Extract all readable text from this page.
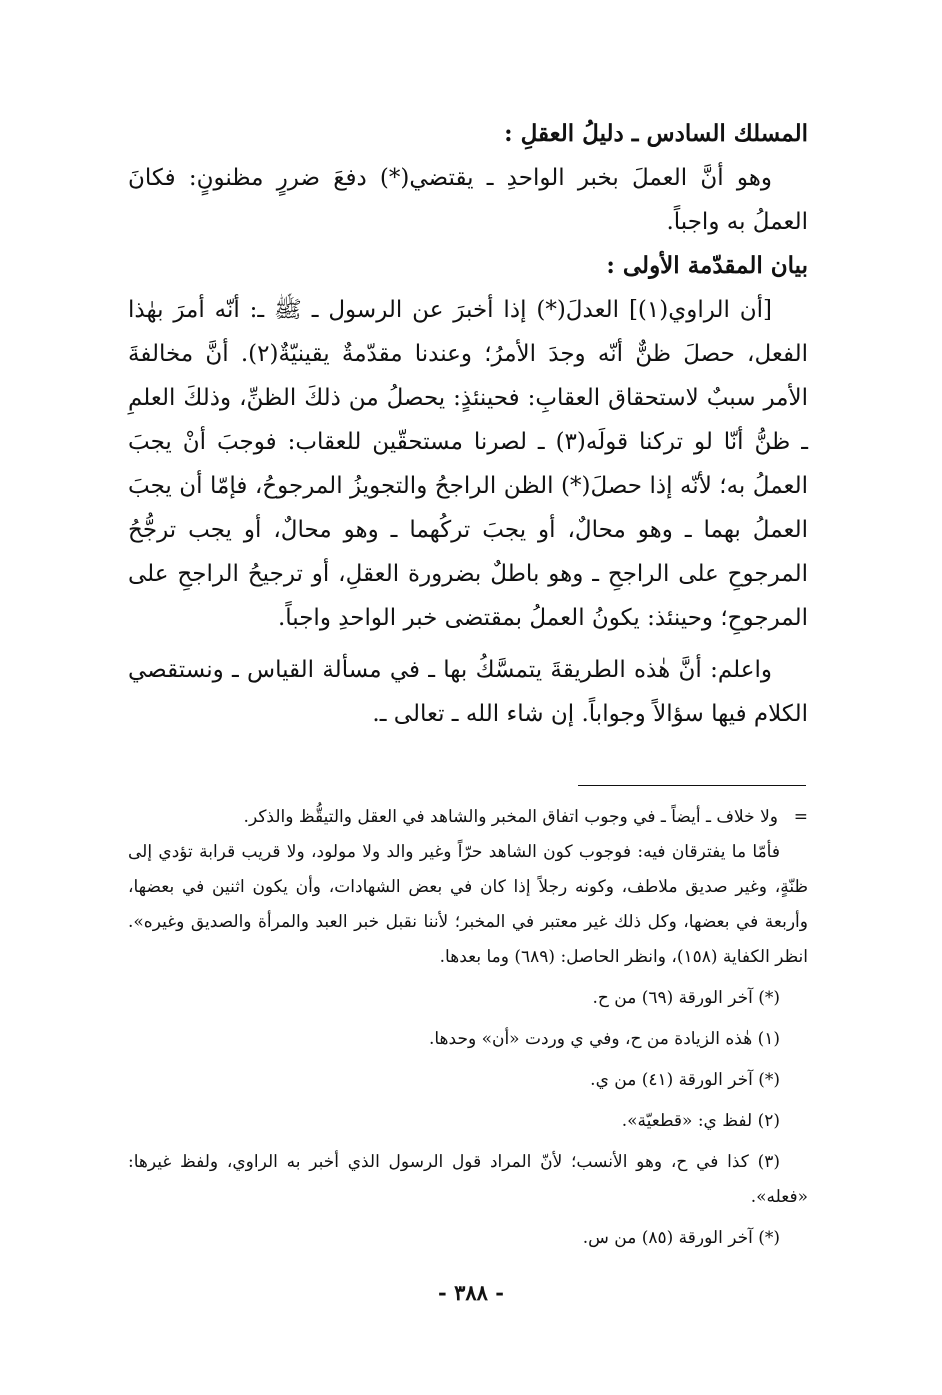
المسلك السادس ـ دليلُ العقلِ :

وهو أنَّ العملَ بخبر الواحدِ ـ يقتضي(*) دفعَ ضررٍ مظنونٍ: فكانَ العملُ به واجباً.

بيان المقدّمة الأولى :

[أن الراوي(١)] العدلَ(*) إذا أخبرَ عن الرسول ـ ﷺ ـ: أنّه أمرَ بهٰذا الفعل، حصلَ ظنٌّ أنّه وجدَ الأمرُ؛ وعندنا مقدّمةٌ يقينيّةٌ(٢). أنَّ مخالفةَ الأمر سببٌ لاستحقاق العقابِ: فحينئذٍ: يحصلُ من ذلكَ الظنِّ، وذلكَ العلمِ ـ ظنُّ أنّا لو تركنا قولَه(٣) ـ لصرنا مستحقّين للعقاب: فوجبَ أنْ يجبَ العملُ به؛ لأنّه إذا حصلَ(*) الظن الراجحُ والتجويزُ المرجوحُ، فإمّا أن يجبَ العملُ بهما ـ وهو محالٌ، أو يجبَ تركُهما ـ وهو محالٌ، أو يجب ترجُّحُ المرجوحِ على الراجحِ ـ وهو باطلٌ بضرورة العقلِ، أو ترجيحُ الراجحِ على المرجوحِ؛ وحينئذ: يكونُ العملُ بمقتضى خبر الواحدِ واجباً.

واعلم: أنَّ هٰذه الطريقةَ يتمسَّكُ بها ـ في مسألة القياس ـ ونستقصي الكلام فيها سؤالاً وجواباً. إن شاء الله ـ تعالى ـ.

=ولا خلاف ـ أيضاً ـ في وجوب اتفاق المخبر والشاهد في العقل والتيقُّظ والذكر.

فأمّا ما يفترقان فيه: فوجوب كون الشاهد حرّاً وغير والد ولا مولود، ولا قريب قرابة تؤدي إلى ظنّةٍ، وغير صديق ملاطف، وكونه رجلاً إذا كان في بعض الشهادات، وأن يكون اثنين في بعضها، وأربعة في بعضها، وكل ذلك غير معتبر في المخبر؛ لأننا نقبل خبر العبد والمرأة والصديق وغيره». انظر الكفاية (١٥٨)، وانظر الحاصل: (٦٨٩) وما بعدها.

(*) آخر الورقة (٦٩) من ح.

(١) هٰذه الزيادة من ح، وفي ي وردت «أن» وحدها.

(*) آخر الورقة (٤١) من ي.

(٢) لفظ ي: «قطعيّة».

(٣) كذا في ح، وهو الأنسب؛ لأنّ المراد قول الرسول الذي أخبر به الراوي، ولفظ غيرها: «فعله».

(*) آخر الورقة (٨٥) من س.

- ٣٨٨ -
